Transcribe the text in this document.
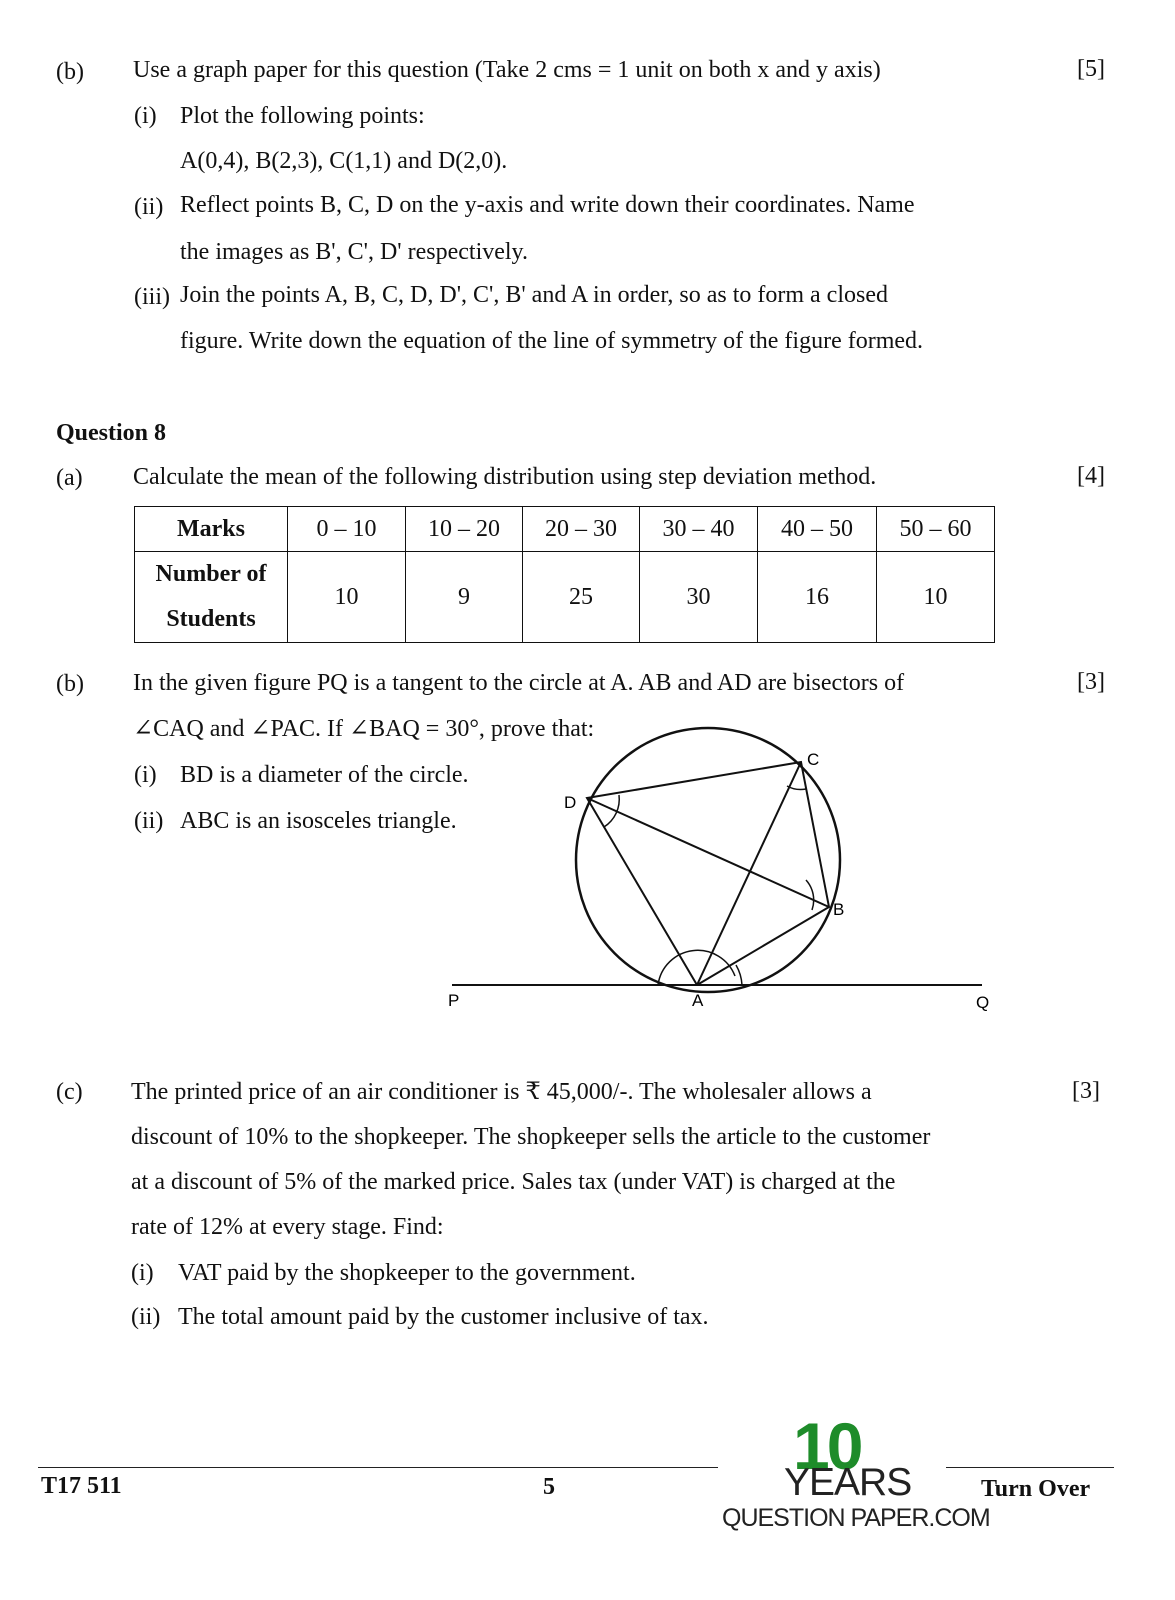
(b) Use a graph paper for this question (Take 2 cms = 1 unit on both x and y axis)	[5]
(i) Plot the following points:
A(0,4), B(2,3), C(1,1) and D(2,0).
(ii) Reflect points B, C, D on the y-axis and write down their coordinates. Name
the images as B', C', D' respectively.
(iii) Join the points A, B, C, D, D', C', B' and A in order, so as to form a closed
figure. Write down the equation of the line of symmetry of the figure formed.
Question 8
(a) Calculate the mean of the following distribution using step deviation method.	[4]
Marks	0 – 10	10 – 20	20 – 30	30 – 40	40 – 50	50 – 60

Number of
Students	10	9	25	30	16	10
(b) In the given figure PQ is a tangent to the circle at A. AB and AD are bisectors of	[3]
∠CAQ and ∠PAC. If ∠BAQ = 30°, prove that:
(i) BD is a diameter of the circle.
(ii) ABC is an isosceles triangle.
D
C
B
A
P	Q
(c) The printed price of an air conditioner is ₹ 45,000/-. The wholesaler allows a	[3]
discount of 10% to the shopkeeper. The shopkeeper sells the article to the customer
at a discount of 5% of the marked price. Sales tax (under VAT) is charged at the
rate of 12% at every stage. Find:
(i) VAT paid by the shopkeeper to the government.
(ii) The total amount paid by the customer inclusive of tax.
T17 511	5	Turn Over
10
YEARS
QUESTION PAPER.COM
